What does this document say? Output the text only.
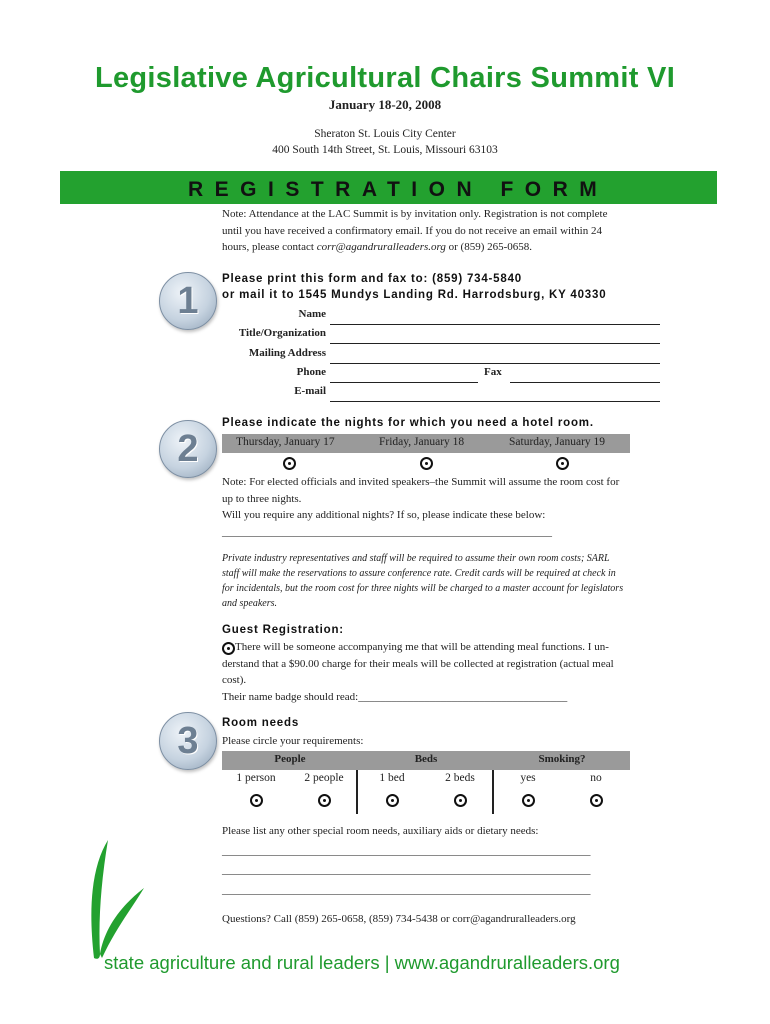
Legislative Agricultural Chairs Summit VI
January 18-20, 2008
Sheraton St. Louis City Center
400 South 14th Street, St. Louis, Missouri 63103
REGISTRATION FORM
Note: Attendance at the LAC Summit is by invitation only. Registration is not complete
until you have received a confirmatory email. If you do not receive an email within 24
hours, please contact corr@agandruralleaders.org or (859) 265-0658.
1
Please print this form and fax to: (859) 734-5840
or mail it to 1545 Mundys Landing Rd. Harrodsburg, KY 40330
Name
Title/Organization
Mailing Address
Phone	Fax
E-mail
2
Please indicate the nights for which you need a hotel room.
Thursday, January 17	Friday, January 18	Saturday, January 19
Note: For elected officials and invited speakers–the Summit will assume the room cost for
up to three nights.
Will you require any additional nights? If so, please indicate these below:
____________________________________________________________
Private industry representatives and staff will be required to assume their own room costs; SARL
staff will make the reservations to assure conference rate. Credit cards will be required at check in
for incidentals, but the room cost for three nights will be charged to a master account for legislators
and speakers.
Guest Registration:
There will be someone accompanying me that will be attending meal functions. I un-
derstand that a $90.00 charge for their meals will be collected at registration (actual meal
cost).
Their name badge should read:______________________________________
3 Room needs
Please circle your requirements:
People	Beds	Smoking?
1 person	2 people	1 bed	2 beds	yes	no
Please list any other special room needs, auxiliary aids or dietary needs:
___________________________________________________________________
___________________________________________________________________
___________________________________________________________________
Questions? Call (859) 265-0658, (859) 734-5438 or corr@agandruralleaders.org
state agriculture and rural leaders | www.agandruralleaders.org
